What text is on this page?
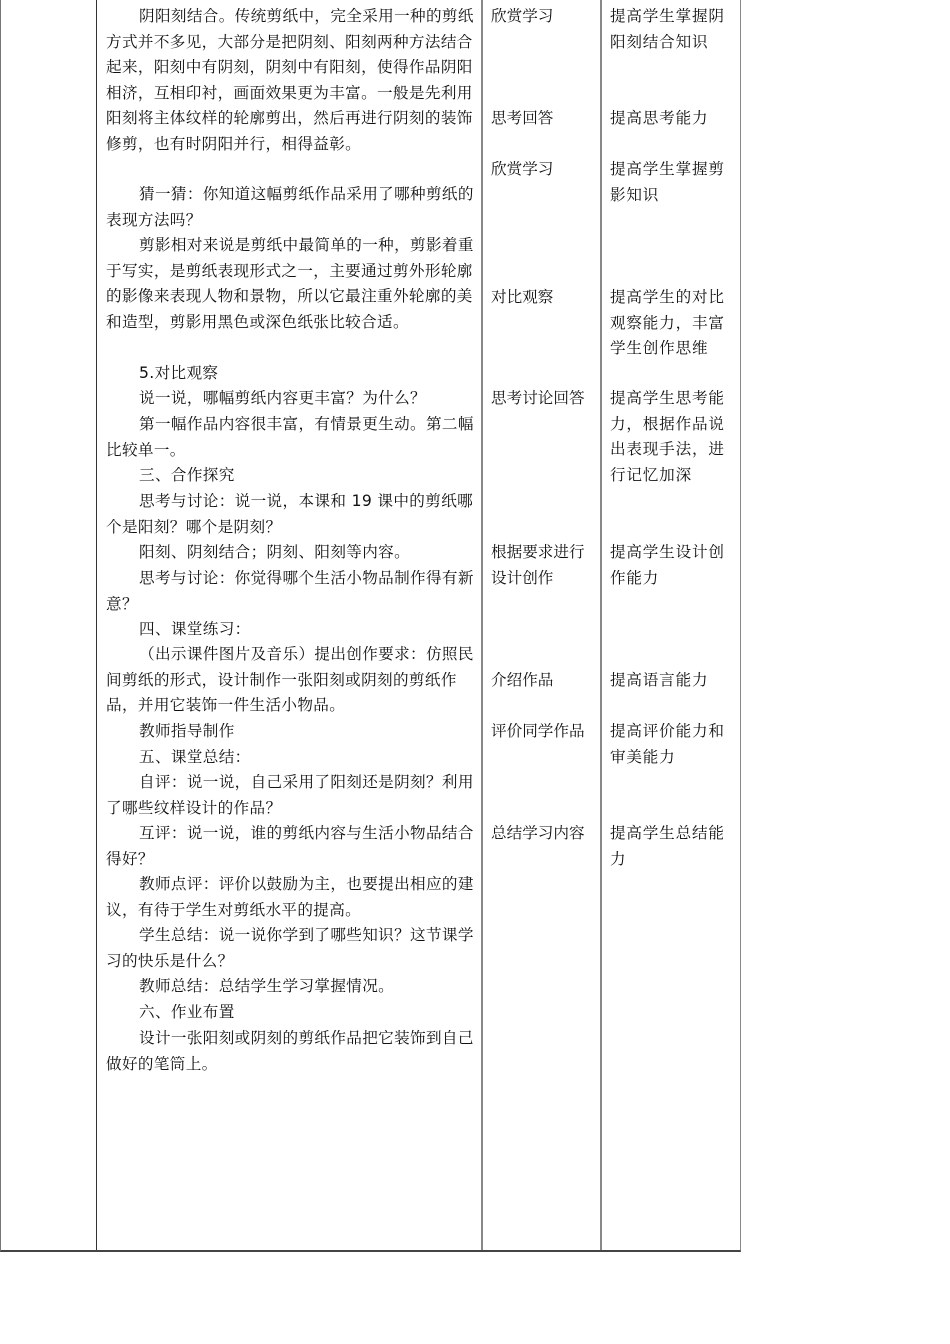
阴阳刻结合。传统剪纸中，完全采用一种的剪纸方式并不多见，大部分是把阴刻、阳刻两种方法结合起来，阳刻中有阴刻，阴刻中有阳刻，使得作品阴阳相济，互相印衬，画面效果更为丰富。一般是先利用阳刻将主体纹样的轮廓剪出，然后再进行阴刻的装饰修剪，也有时阴阳并行，相得益彰。

猜一猜：你知道这幅剪纸作品采用了哪种剪纸的表现方法吗？

剪影相对来说是剪纸中最简单的一种，剪影着重于写实，是剪纸表现形式之一，主要通过剪外形轮廓的影像来表现人物和景物，所以它最注重外轮廓的美和造型，剪影用黑色或深色纸张比较合适。

5.对比观察

说一说，哪幅剪纸内容更丰富？为什么？

第一幅作品内容很丰富，有情景更生动。第二幅比较单一。

三、合作探究

思考与讨论：说一说，本课和 19 课中的剪纸哪个是阳刻？哪个是阴刻？

阳刻、阴刻结合；阴刻、阳刻等内容。

思考与讨论：你觉得哪个生活小物品制作得有新意？

四、课堂练习：

（出示课件图片及音乐）提出创作要求：仿照民间剪纸的形式，设计制作一张阳刻或阴刻的剪纸作品，并用它装饰一件生活小物品。

教师指导制作

五、课堂总结：

自评：说一说，自己采用了阳刻还是阴刻？利用了哪些纹样设计的作品？

互评：说一说，谁的剪纸内容与生活小物品结合得好？

教师点评：评价以鼓励为主，也要提出相应的建议，有待于学生对剪纸水平的提高。

学生总结：说一说你学到了哪些知识？这节课学习的快乐是什么？

教师总结：总结学生学习掌握情况。

六、作业布置

设计一张阳刻或阴刻的剪纸作品把它装饰到自己做好的笔筒上。

欣赏学习

思考回答

欣赏学习

对比观察

思考讨论回答

根据要求进行设计创作

介绍作品

评价同学作品

总结学习内容

提高学生掌握阴阳刻结合知识

提高思考能力

提高学生掌握剪影知识

提高学生的对比观察能力，丰富学生创作思维

提高学生思考能力，根据作品说出表现手法，进行记忆加深

提高学生设计创作能力

提高语言能力

提高评价能力和审美能力

提高学生总结能力
